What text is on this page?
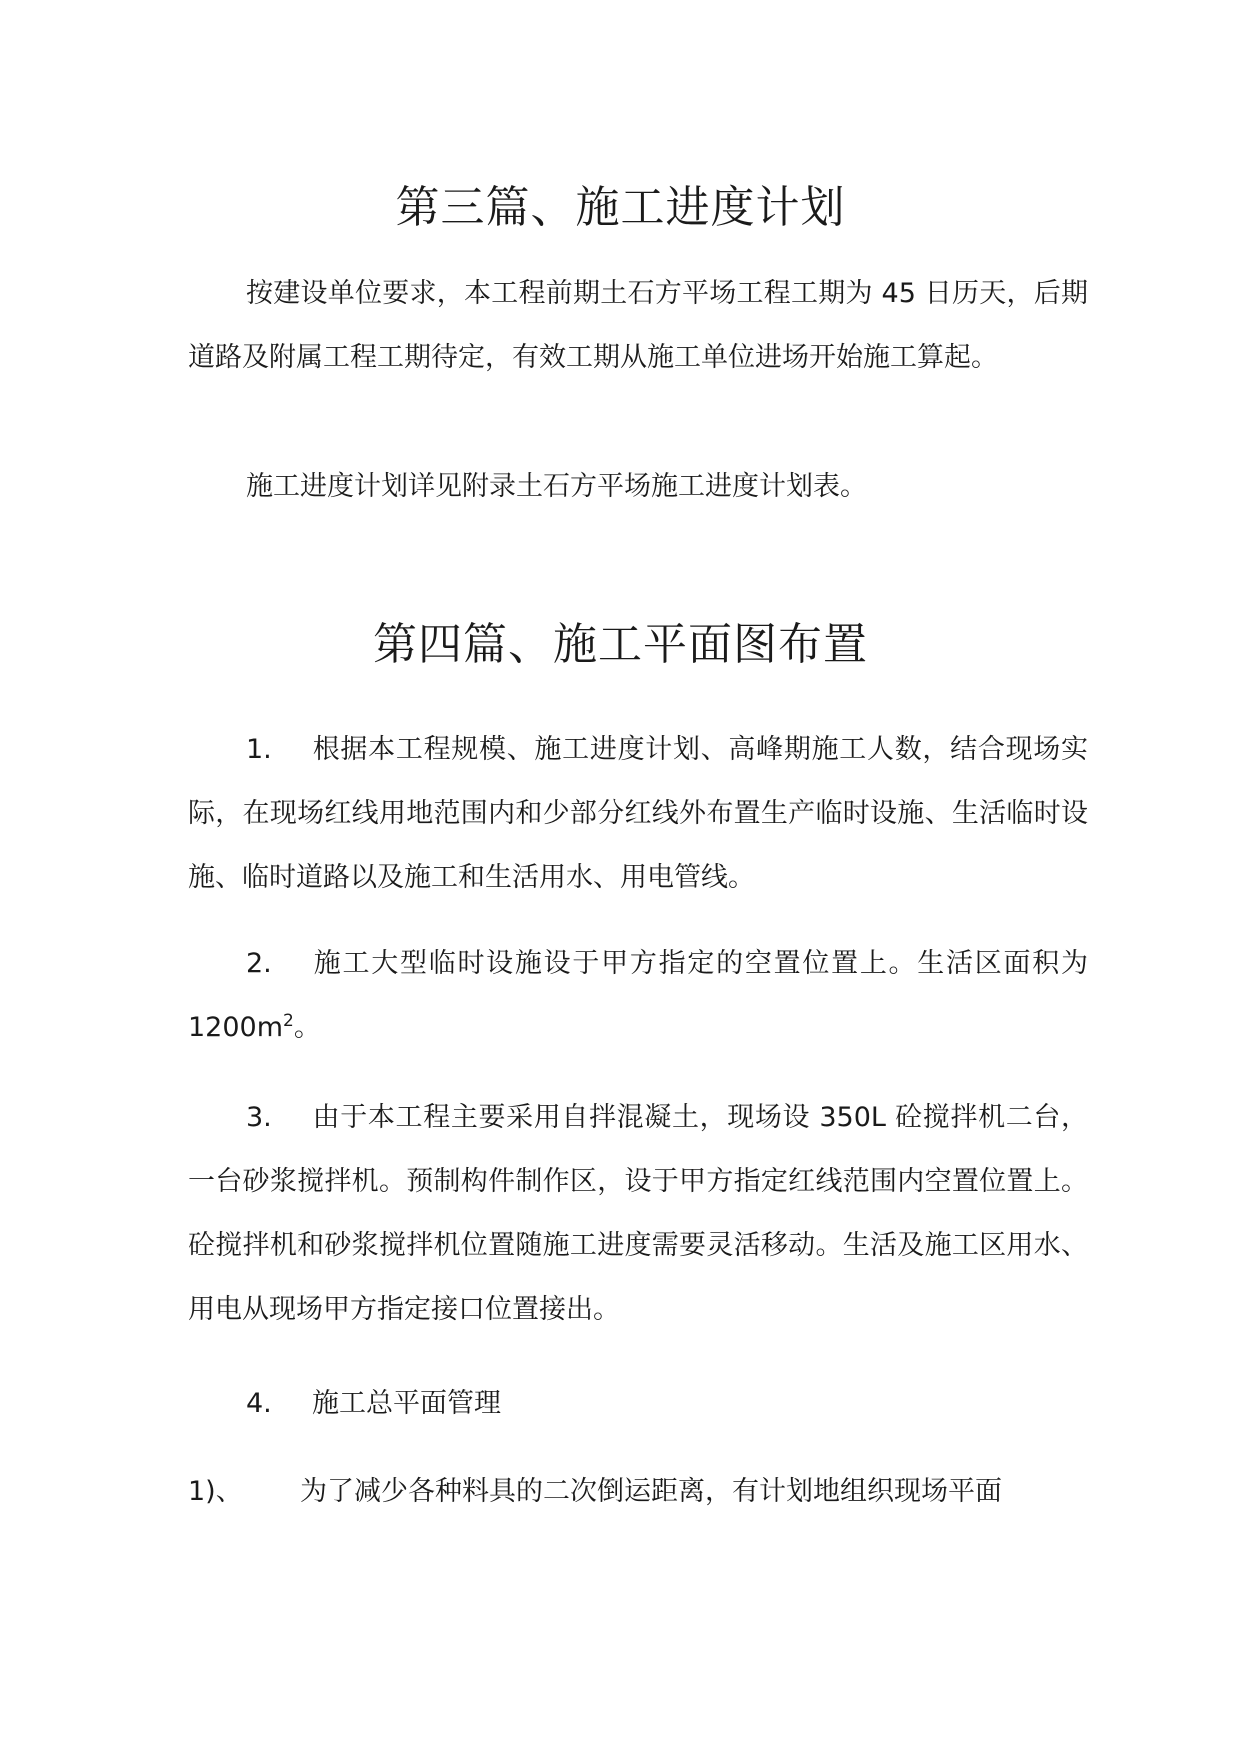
第三篇、施工进度计划

按建设单位要求，本工程前期土石方平场工程工期为 45 日历天，后期道路及附属工程工期待定，有效工期从施工单位进场开始施工算起。

施工进度计划详见附录土石方平场施工进度计划表。

第四篇、施工平面图布置

1. 根据本工程规模、施工进度计划、高峰期施工人数，结合现场实际，在现场红线用地范围内和少部分红线外布置生产临时设施、生活临时设施、临时道路以及施工和生活用水、用电管线。

2. 施工大型临时设施设于甲方指定的空置位置上。生活区面积为 $1200m^2$。

3. 由于本工程主要采用自拌混凝土，现场设 350L 砼搅拌机二台，一台砂浆搅拌机。预制构件制作区，设于甲方指定红线范围内空置位置上。砼搅拌机和砂浆搅拌机位置随施工进度需要灵活移动。生活及施工区用水、用电从现场甲方指定接口位置接出。

4. 施工总平面管理

1)、 为了减少各种料具的二次倒运距离，有计划地组织现场平面
